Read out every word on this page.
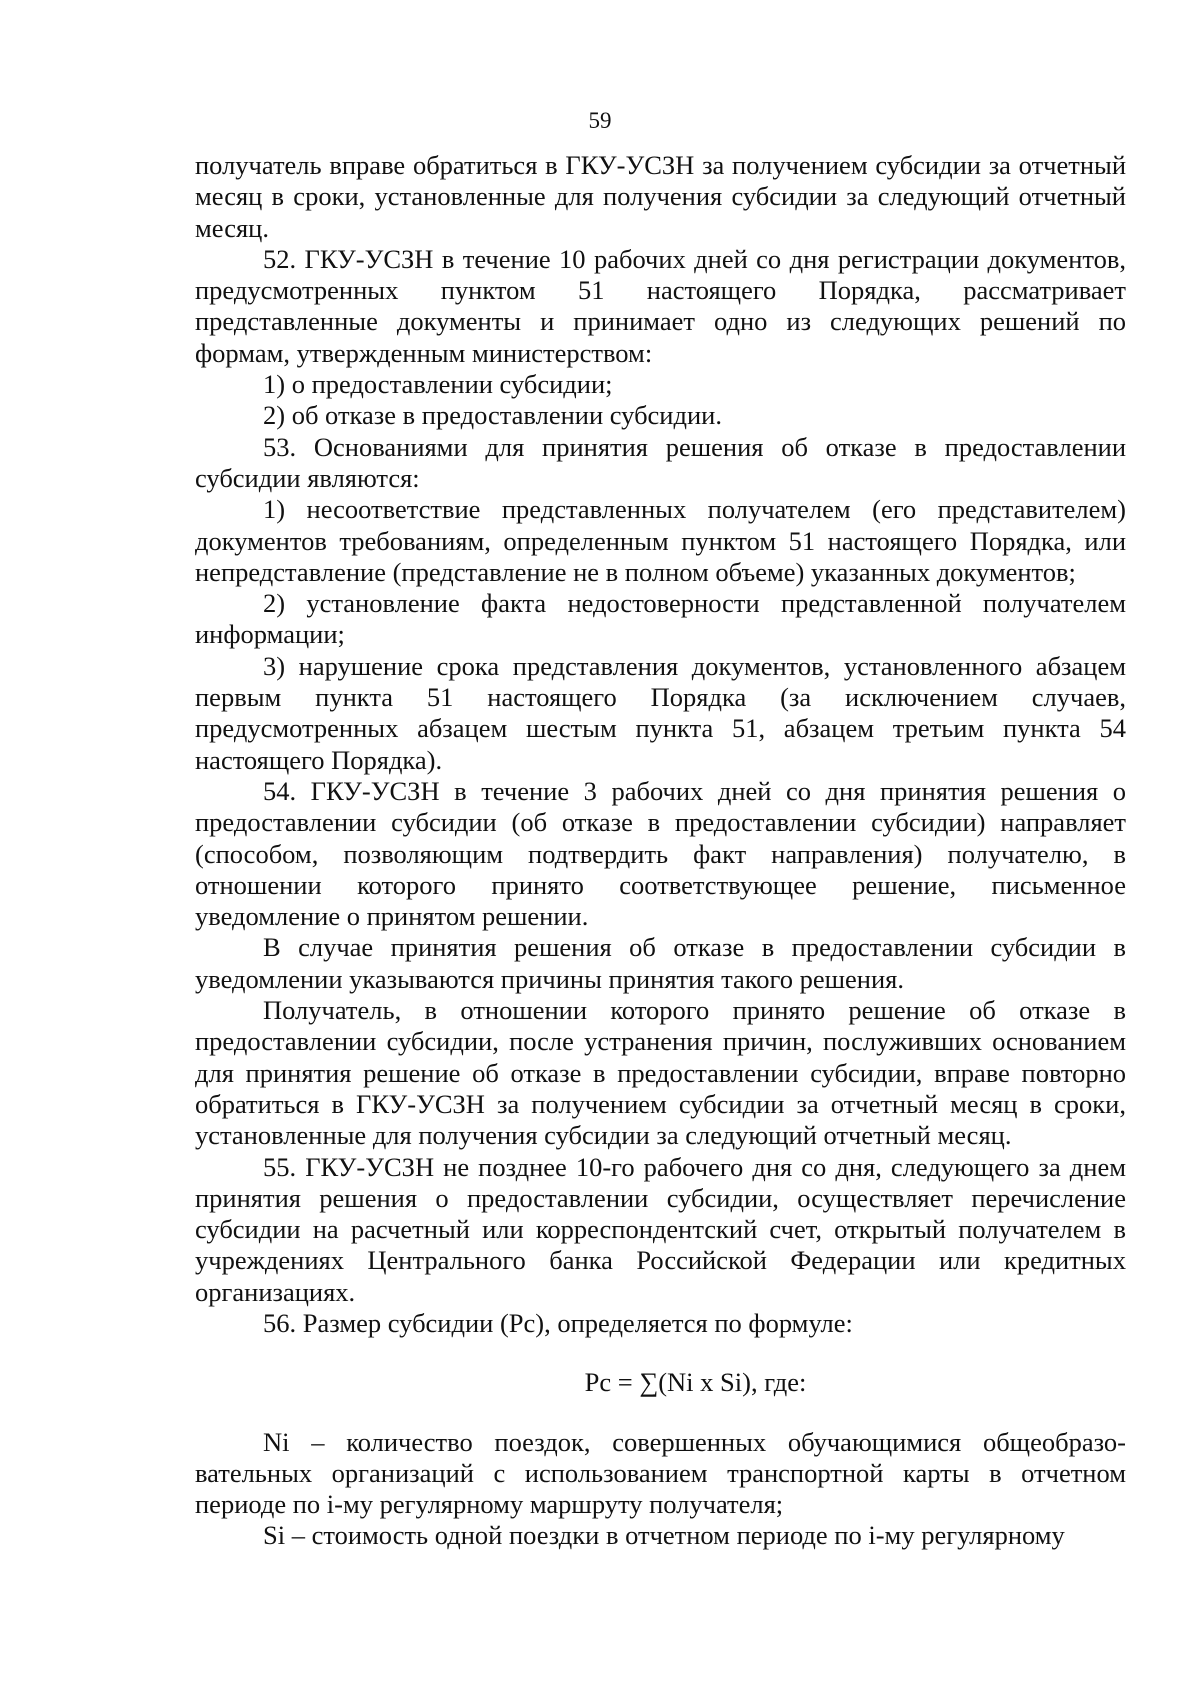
59

получатель вправе обратиться в ГКУ-УСЗН за получением субсидии за отчетный месяц в сроки, установленные для получения субсидии за следующий отчетный месяц.

52. ГКУ-УСЗН в течение 10 рабочих дней со дня регистрации документов, предусмотренных пунктом 51 настоящего Порядка, рассматривает представленные документы и принимает одно из следующих решений по формам, утвержденным министерством:

1) о предоставлении субсидии;

2) об отказе в предоставлении субсидии.

53. Основаниями для принятия решения об отказе в предоставлении субсидии являются:

1) несоответствие представленных получателем (его представителем) документов требованиям, определенным пунктом 51 настоящего Порядка, или непредставление (представление не в полном объеме) указанных документов;

2) установление факта недостоверности представленной получателем информации;

3) нарушение срока представления документов, установленного абзацем первым пункта 51 настоящего Порядка (за исключением случаев, предусмотренных абзацем шестым пункта 51, абзацем третьим пункта 54 настоящего Порядка).

54. ГКУ-УСЗН в течение 3 рабочих дней со дня принятия решения о предоставлении субсидии (об отказе в предоставлении субсидии) направляет (способом, позволяющим подтвердить факт направления) получателю, в отношении которого принято соответствующее решение, письменное уведомление о принятом решении.

В случае принятия решения об отказе в предоставлении субсидии в уведомлении указываются причины принятия такого решения.

Получатель, в отношении которого принято решение об отказе в предоставлении субсидии, после устранения причин, послуживших основанием для принятия решение об отказе в предоставлении субсидии, вправе повторно обратиться в ГКУ-УСЗН за получением субсидии за отчетный месяц в сроки, установленные для получения субсидии за следующий отчетный месяц.

55. ГКУ-УСЗН не позднее 10-го рабочего дня со дня, следующего за днем принятия решения о предоставлении субсидии, осуществляет перечисление субсидии на расчетный или корреспондентский счет, открытый получателем в учреждениях Центрального банка Российской Федерации или кредитных организациях.

56. Размер субсидии (Рс), определяется по формуле:

Рс = ∑(Ni x Si), где:

Ni – количество поездок, совершенных обучающимися общеобразовательных организаций с использованием транспортной карты в отчетном периоде по i-му регулярному маршруту получателя;

Si – стоимость одной поездки в отчетном периоде по i-му регулярному
